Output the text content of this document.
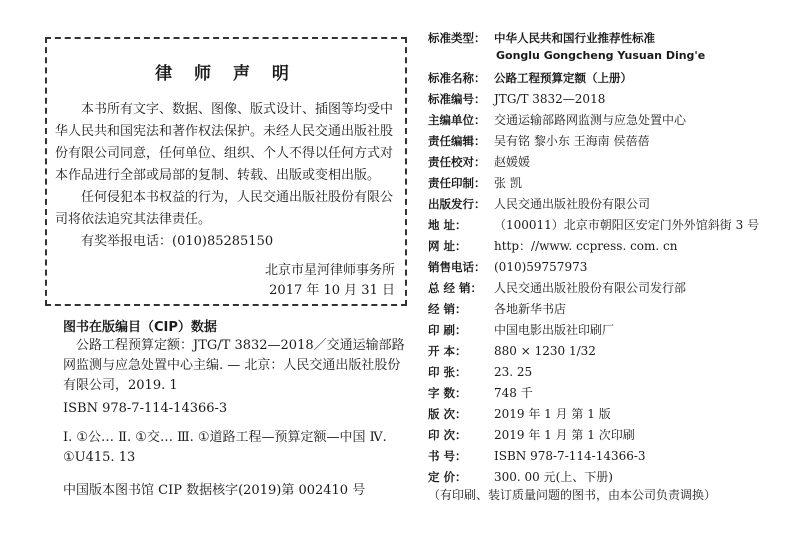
律 师 声 明

本书所有文字、数据、图像、版式设计、插图等均受中华人民共和国宪法和著作权法保护。未经人民交通出版社股份有限公司同意，任何单位、组织、个人不得以任何方式对本作品进行全部或局部的复制、转载、出版或变相出版。

任何侵犯本书权益的行为，人民交通出版社股份有限公司将依法追究其法律责任。

有奖举报电话：(010)85285150

北京市星河律师事务所
2017 年 10 月 31 日
图书在版编目（CIP）数据
公路工程预算定额：JTG/T 3832—2018／交通运输部路网监测与应急处置中心主编. — 北京：人民交通出版社股份有限公司，2019. 1
ISBN 978-7-114-14366-3
Ⅰ. ①公… Ⅱ. ①交… Ⅲ. ①道路工程—预算定额—中国 Ⅳ. ①U415. 13
中国版本图书馆 CIP 数据核字(2019)第 002410 号
标准类型： 中华人民共和国行业推荐性标准
Gonglu Gongcheng Yusuan Ding'e
标准名称： 公路工程预算定额（上册）
标准编号： JTG/T 3832—2018
主编单位： 交通运输部路网监测与应急处置中心
责任编辑： 吴有铭 黎小东 王海南 侯蓓蓓
责任校对： 赵媛媛
责任印制： 张 凯
出版发行： 人民交通出版社股份有限公司
地 址：	（100011）北京市朝阳区安定门外外馆斜街 3 号
网 址：	http：//www. ccpress. com. cn
销售电话： (010)59757973
总 经 销： 人民交通出版社股份有限公司发行部
经 销：	各地新华书店
印 刷：	中国电影出版社印刷厂
开 本：	880 × 1230 1/32
印 张：	23. 25
字 数：	748 千
版 次：	2019 年 1 月 第 1 版
印 次：	2019 年 1 月 第 1 次印刷
书 号：	ISBN 978-7-114-14366-3
定 价：	300. 00 元(上、下册)
（有印刷、装订质量问题的图书，由本公司负责调换）
